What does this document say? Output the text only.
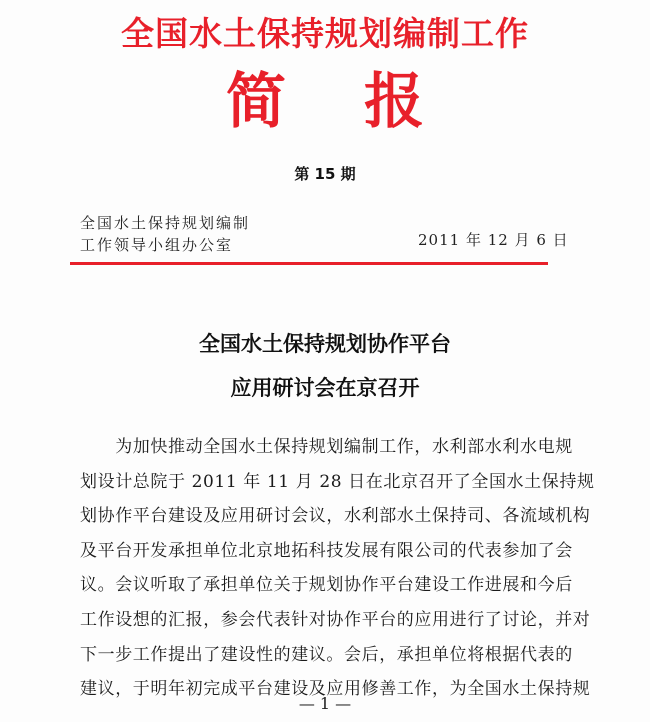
全国水土保持规划编制工作
简报
第 15 期
全国水土保持规划编制
工作领导小组办公室	2011 年 12 月 6 日
全国水土保持规划协作平台
应用研讨会在京召开
　　为加快推动全国水土保持规划编制工作，水利部水利水电规
划设计总院于 2011 年 11 月 28 日在北京召开了全国水土保持规
划协作平台建设及应用研讨会议，水利部水土保持司、各流域机构
及平台开发承担单位北京地拓科技发展有限公司的代表参加了会
议。会议听取了承担单位关于规划协作平台建设工作进展和今后
工作设想的汇报，参会代表针对协作平台的应用进行了讨论，并对
下一步工作提出了建设性的建议。会后，承担单位将根据代表的
建议，于明年初完成平台建设及应用修善工作，为全国水土保持规
— 1 —
